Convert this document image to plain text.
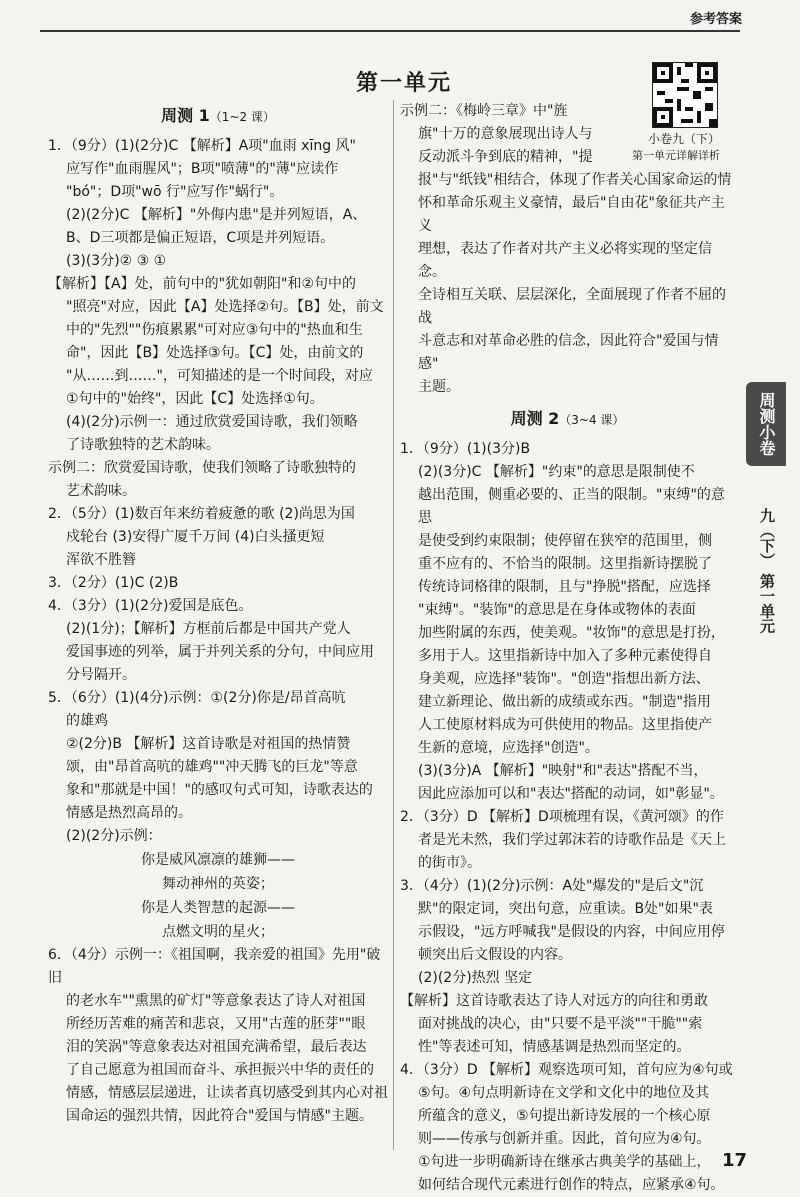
参考答案
第一单元
小卷九（下）
第一单元详解详析
周测 1（1~2 课）

1．（9分）(1)(2分)C 【解析】A项"血雨 xīng 风"

应写作"血雨腥风"；B项"喷薄"的"薄"应读作

"bó"；D项"wō 行"应写作"蜗行"。

(2)(2分)C 【解析】"外侮内患"是并列短语，A、

B、D三项都是偏正短语，C项是并列短语。

(3)(3分)② ③ ①

【解析】【A】处，前句中的"犹如朝阳"和②句中的

"照亮"对应，因此【A】处选择②句。【B】处，前文

中的"先烈""伤痕累累"可对应③句中的"热血和生

命"，因此【B】处选择③句。【C】处，由前文的

"从……到……"，可知描述的是一个时间段，对应

①句中的"始终"，因此【C】处选择①句。

(4)(2分)示例一：通过欣赏爱国诗歌，我们领略

了诗歌独特的艺术韵味。

示例二：欣赏爱国诗歌，使我们领略了诗歌独特的

艺术韵味。

2．（5分）(1)数百年来纺着疲惫的歌 (2)尚思为国

戍轮台 (3)安得广厦千万间 (4)白头搔更短

浑欲不胜簪

3．（2分）(1)C (2)B

4．（3分）(1)(2分)爱国是底色。

(2)(1分)；【解析】方框前后都是中国共产党人

爱国事迹的列举，属于并列关系的分句，中间应用

分号隔开。

5．（6分）(1)(4分)示例：①(2分)你是/昂首高吭

的雄鸡

②(2分)B 【解析】这首诗歌是对祖国的热情赞

颂，由"昂首高吭的雄鸡""冲天腾飞的巨龙"等意

象和"那就是中国！"的感叹句式可知，诗歌表达的

情感是热烈高昂的。

(2)(2分)示例：

你是威风凛凛的雄狮——
舞动神州的英姿；
你是人类智慧的起源——
点燃文明的星火；

6．（4分）示例一：《祖国啊，我亲爱的祖国》先用"破旧

的老水车""熏黑的矿灯"等意象表达了诗人对祖国

所经历苦难的痛苦和悲哀，又用"古莲的胚芽""眼

泪的笑涡"等意象表达对祖国充满希望，最后表达

了自己愿意为祖国而奋斗、承担振兴中华的责任的

情感，情感层层递进，让读者真切感受到其内心对祖

国命运的强烈共情，因此符合"爱国与情感"主题。

示例二：《梅岭三章》中"旌

旗"十万的意象展现出诗人与

反动派斗争到底的精神，"提

报"与"纸钱"相结合，体现了作者关心国家命运的情

怀和革命乐观主义豪情，最后"自由花"象征共产主义

理想，表达了作者对共产主义必将实现的坚定信念。

全诗相互关联、层层深化，全面展现了作者不屈的战

斗意志和对革命必胜的信念，因此符合"爱国与情感"

主题。

周测 2（3~4 课）

1．（9分）(1)(3分)B

(2)(3分)C 【解析】"约束"的意思是限制使不

越出范围，侧重必要的、正当的限制。"束缚"的意思

是使受到约束限制；使停留在狭窄的范围里，侧

重不应有的、不恰当的限制。这里指新诗摆脱了

传统诗词格律的限制，且与"挣脱"搭配，应选择

"束缚"。"装饰"的意思是在身体或物体的表面

加些附属的东西，使美观。"妆饰"的意思是打扮，

多用于人。这里指新诗中加入了多种元素使得自

身美观，应选择"装饰"。"创造"指想出新方法、

建立新理论、做出新的成绩或东西。"制造"指用

人工使原材料成为可供使用的物品。这里指使产

生新的意境，应选择"创造"。

(3)(3分)A 【解析】"映射"和"表达"搭配不当，

因此应添加可以和"表达"搭配的动词，如"彰显"。

2．（3分）D 【解析】D项梳理有误，《黄河颂》的作

者是光未然，我们学过郭沫若的诗歌作品是《天上

的街市》。

3．（4分）(1)(2分)示例：A处"爆发的"是后文"沉

默"的限定词，突出句意，应重读。B处"如果"表

示假设，"远方呼喊我"是假设的内容，中间应用停

顿突出后文假设的内容。

(2)(2分)热烈 坚定

【解析】这首诗歌表达了诗人对远方的向往和勇敢

面对挑战的决心，由"只要不是平淡""干脆""索

性"等表述可知，情感基调是热烈而坚定的。

4．（3分）D 【解析】观察选项可知，首句应为④句或

⑤句。④句点明新诗在文学和文化中的地位及其

所蕴含的意义，⑤句提出新诗发展的一个核心原

则——传承与创新并重。因此，首句应为④句。

①句进一步明确新诗在继承古典美学的基础上，

如何结合现代元素进行创作的特点，应紧承④句。

周测小卷
九（下） 第一单元
17
